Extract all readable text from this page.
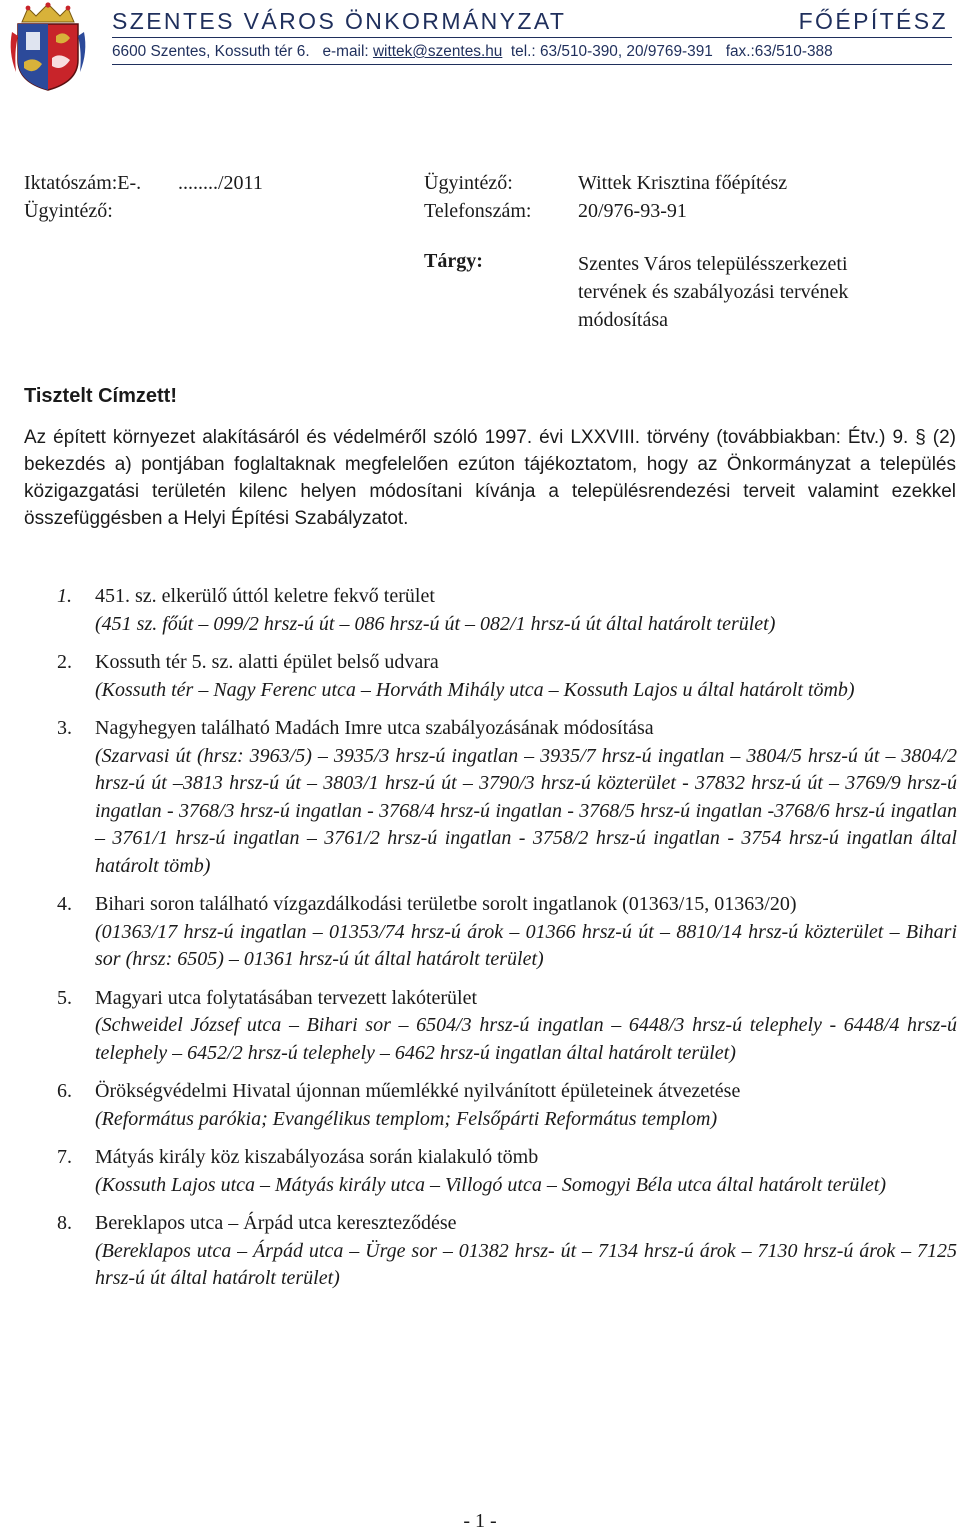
SZENTES VÁROS ÖNKORMÁNYZAT	FŐÉPÍTÉSZ
6600 Szentes, Kossuth tér 6. e-mail: wittek@szentes.hu tel.: 63/510-390, 20/9769-391 fax.:63/510-388
Iktatószám:E-. ......../2011	Ügyintéző:	Wittek Krisztina főépítész
Ügyintéző:	Telefonszám: 20/976-93-91
Tárgy:	Szentes Város településszerkezeti
tervének és szabályozási tervének
módosítása
Tisztelt Címzett!

Az épített környezet alakításáról és védelméről szóló 1997. évi LXXVIII. törvény (továbbiakban: Étv.) 9. § (2) bekezdés a) pontjában foglaltaknak megfelelően ezúton tájékoztatom, hogy az Önkormányzat a település közigazgatási területén kilenc helyen módosítani kívánja a településrendezési terveit valamint ezekkel összefüggésben a Helyi Építési Szabályzatot.

1. 451. sz. elkerülő úttól keletre fekvő terület
(451 sz. főút – 099/2 hrsz-ú út – 086 hrsz-ú út – 082/1 hrsz-ú út által határolt terület)
2. Kossuth tér 5. sz. alatti épület belső udvara
(Kossuth tér – Nagy Ferenc utca – Horváth Mihály utca – Kossuth Lajos u által határolt tömb)
3. Nagyhegyen található Madách Imre utca szabályozásának módosítása
(Szarvasi út (hrsz: 3963/5) – 3935/3 hrsz-ú ingatlan – 3935/7 hrsz-ú ingatlan – 3804/5 hrsz-ú út – 3804/2 hrsz-ú út –3813 hrsz-ú út – 3803/1 hrsz-ú út – 3790/3 hrsz-ú közterület - 37832 hrsz-ú út – 3769/9 hrsz-ú ingatlan - 3768/3 hrsz-ú ingatlan - 3768/4 hrsz-ú ingatlan - 3768/5 hrsz-ú ingatlan -3768/6 hrsz-ú ingatlan – 3761/1 hrsz-ú ingatlan – 3761/2 hrsz-ú ingatlan - 3758/2 hrsz-ú ingatlan - 3754 hrsz-ú ingatlan által határolt tömb)
4. Bihari soron található vízgazdálkodási területbe sorolt ingatlanok (01363/15, 01363/20)
(01363/17 hrsz-ú ingatlan – 01353/74 hrsz-ú árok – 01366 hrsz-ú út – 8810/14 hrsz-ú közterület – Bihari sor (hrsz: 6505) – 01361 hrsz-ú út által határolt terület)
5. Magyari utca folytatásában tervezett lakóterület
(Schweidel József utca – Bihari sor – 6504/3 hrsz-ú ingatlan – 6448/3 hrsz-ú telephely - 6448/4 hrsz-ú telephely – 6452/2 hrsz-ú telephely – 6462 hrsz-ú ingatlan által határolt terület)
6. Örökségvédelmi Hivatal újonnan műemlékké nyilvánított épületeinek átvezetése
(Református parókia; Evangélikus templom; Felsőpárti Református templom)
7. Mátyás király köz kiszabályozása során kialakuló tömb
(Kossuth Lajos utca – Mátyás király utca – Villogó utca – Somogyi Béla utca által határolt terület)
8. Bereklapos utca – Árpád utca kereszteződése
(Bereklapos utca – Árpád utca – Ürge sor – 01382 hrsz- út – 7134 hrsz-ú árok – 7130 hrsz-ú árok – 7125 hrsz-ú út által határolt terület)
- 1 -
